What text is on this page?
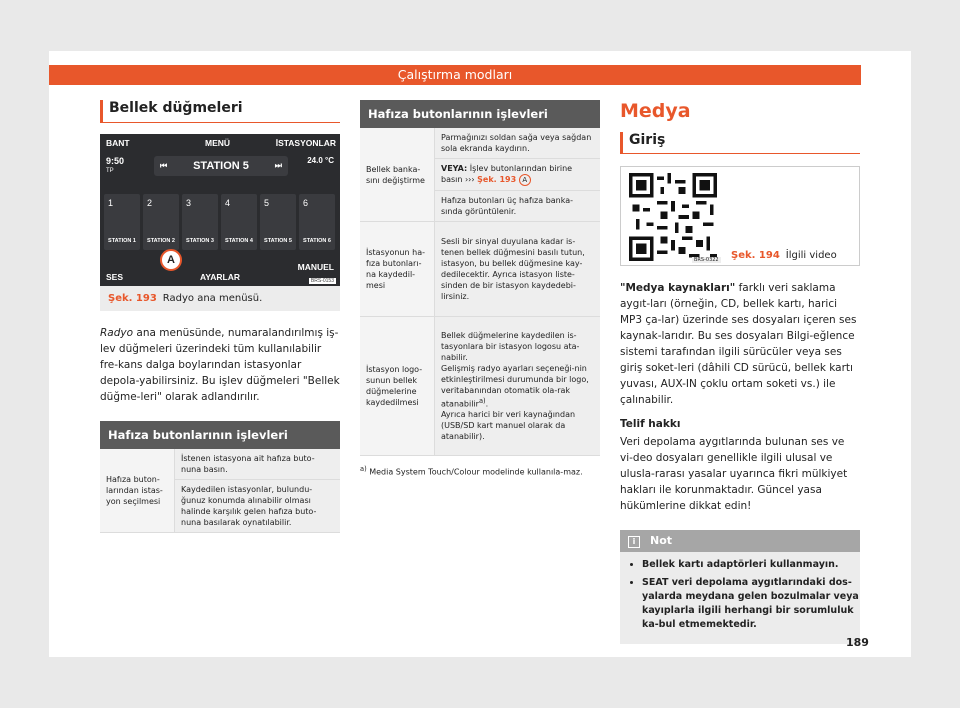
Çalıştırma modları
Bellek düğmeleri
BANT	MENÜ	İSTASYONLAR
9:50
TP
24.0 °C
⏮ STATION 5	⏭
1	2	3	4	5	6
STATION 1	STATION 2	STATION 3	STATION 4	STATION 5	STATION 6
A
SES	AYARLAR
MANUEL
BRS-0153
Şek. 193 Radyo ana menüsü.
Radyo ana menüsünde, numaralandırılmış iş-lev düğmeleri üzerindeki tüm kullanılabilir fre-kans dalga boylarından istasyonlar depola-yabilirsiniz. Bu işlev düğmeleri "Bellek düğme-leri" olarak adlandırılır.
Hafıza butonlarının işlevleri
Hafıza buton-larından istas-yon seçilmesi	İstenen istasyona ait hafıza buto-nuna basın.
Kaydedilen istasyonlar, bulundu-ğunuz konumda alınabilir olması halinde karşılık gelen hafıza buto-nuna basılarak oynatılabilir.
Hafıza butonlarının işlevleri
Bellek banka-sını değiştirme	Parmağınızı soldan sağa veya sağdan sola ekranda kaydırın.
	VEYA: İşlev butonlarından birine basın ››› Şek. 193 A
	Hafıza butonları üç hafıza banka-sında görüntülenir.
İstasyonun ha-fıza butonları-na kaydedil-mesi	Sesli bir sinyal duyulana kadar is-tenen bellek düğmesini basılı tutun, istasyon, bu bellek düğmesine kay-dedilecektir. Ayrıca istasyon liste-sinden de bir istasyon kaydedebi-lirsiniz.
İstasyon logo-sunun bellek düğmelerine kaydedilmesi	Bellek düğmelerine kaydedilen is-tasyonlara bir istasyon logosu ata-nabilir.
Gelişmiş radyo ayarları seçeneği-nin etkinleştirilmesi durumunda bir logo, veritabanından otomatik ola-rak atanabilir$^{a)}$.
Ayrıca harici bir veri kaynağından (USB/SD kart manuel olarak da atanabilir).
$^{a)}$ Media System Touch/Colour modelinde kullanıla-maz.
Medya
Giriş
BRS-0322 Şek. 194 İlgili video
"Medya kaynakları" farklı veri saklama aygıt-ları (örneğin, CD, bellek kartı, harici MP3 ça-lar) üzerinde ses dosyaları içeren ses kaynak-larıdır. Bu ses dosyaları Bilgi-eğlence sistemi tarafından ilgili sürücüler veya ses giriş soket-leri (dâhili CD sürücü, bellek kartı yuvası, AUX-IN çoklu ortam soketi vs.) ile çalınabilir.
Telif hakkı
Veri depolama aygıtlarında bulunan ses ve vi-deo dosyaları genellikle ilgili ulusal ve ulusla-rarası yasalar uyarınca fikri mülkiyet hakları ile korunmaktadır. Güncel yasa hükümlerine dikkat edin!
i Not
• Bellek kartı adaptörleri kullanmayın.
• SEAT veri depolama aygıtlarındaki dos-yalarda meydana gelen bozulmalar veya kayıplarla ilgili herhangi bir sorumluluk ka-bul etmemektedir.
189
